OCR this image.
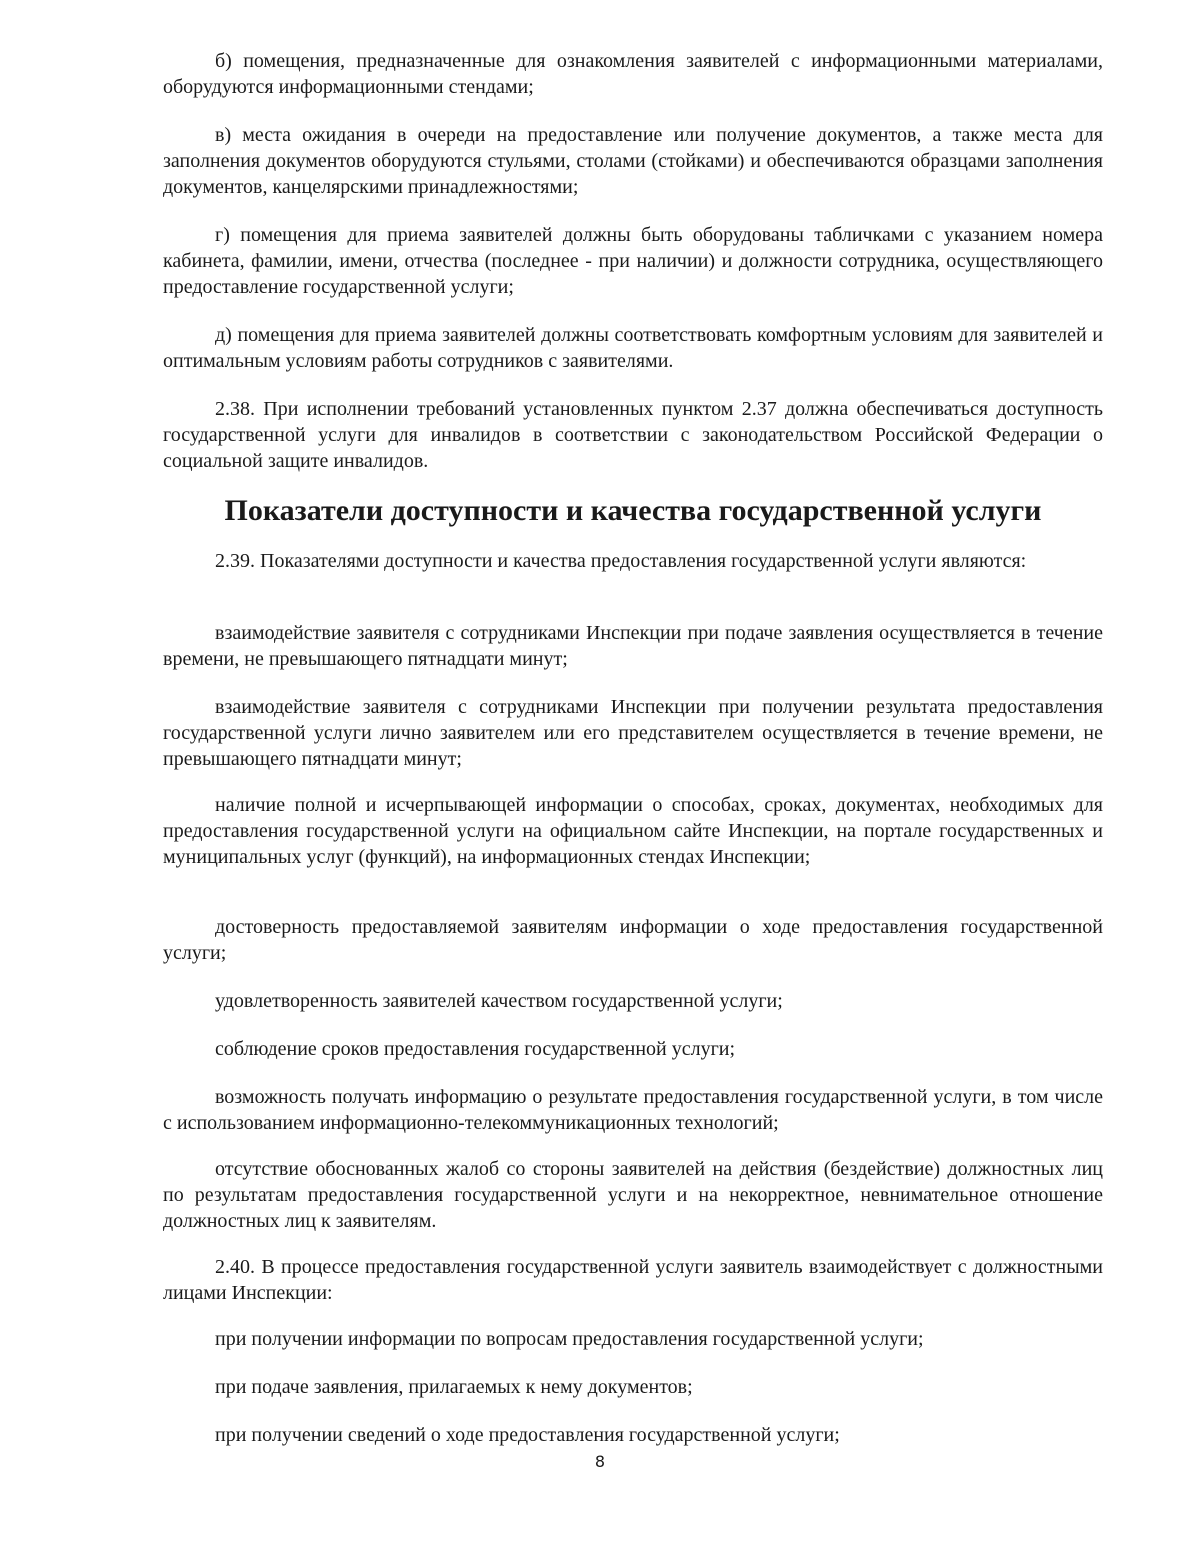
б) помещения, предназначенные для ознакомления заявителей с информационными материалами, оборудуются информационными стендами;

в) места ожидания в очереди на предоставление или получение документов, а также места для заполнения документов оборудуются стульями, столами (стойками) и обеспечиваются образцами заполнения документов, канцелярскими принадлежностями;

г) помещения для приема заявителей должны быть оборудованы табличками с указанием номера кабинета, фамилии, имени, отчества (последнее - при наличии) и должности сотрудника, осуществляющего предоставление государственной услуги;

д) помещения для приема заявителей должны соответствовать комфортным условиям для заявителей и оптимальным условиям работы сотрудников с заявителями.

2.38. При исполнении требований установленных пунктом 2.37 должна обеспечиваться доступность государственной услуги для инвалидов в соответствии с законодательством Российской Федерации о социальной защите инвалидов.

Показатели доступности и качества государственной услуги

2.39. Показателями доступности и качества предоставления государственной услуги являются:

взаимодействие заявителя с сотрудниками Инспекции при подаче заявления осуществляется в течение времени, не превышающего пятнадцати минут;

взаимодействие заявителя с сотрудниками Инспекции при получении результата предоставления государственной услуги лично заявителем или его представителем осуществляется в течение времени, не превышающего пятнадцати минут;

наличие полной и исчерпывающей информации о способах, сроках, документах, необходимых для предоставления государственной услуги на официальном сайте Инспекции, на портале государственных и муниципальных услуг (функций), на информационных стендах Инспекции;

достоверность предоставляемой заявителям информации о ходе предоставления государственной услуги;

удовлетворенность заявителей качеством государственной услуги;

соблюдение сроков предоставления государственной услуги;

возможность получать информацию о результате предоставления государственной услуги, в том числе с использованием информационно-телекоммуникационных технологий;

отсутствие обоснованных жалоб со стороны заявителей на действия (бездействие) должностных лиц по результатам предоставления государственной услуги и на некорректное, невнимательное отношение должностных лиц к заявителям.

2.40. В процессе предоставления государственной услуги заявитель взаимодействует с должностными лицами Инспекции:

при получении информации по вопросам предоставления государственной услуги;

при подаче заявления, прилагаемых к нему документов;

при получении сведений о ходе предоставления государственной услуги;

8
